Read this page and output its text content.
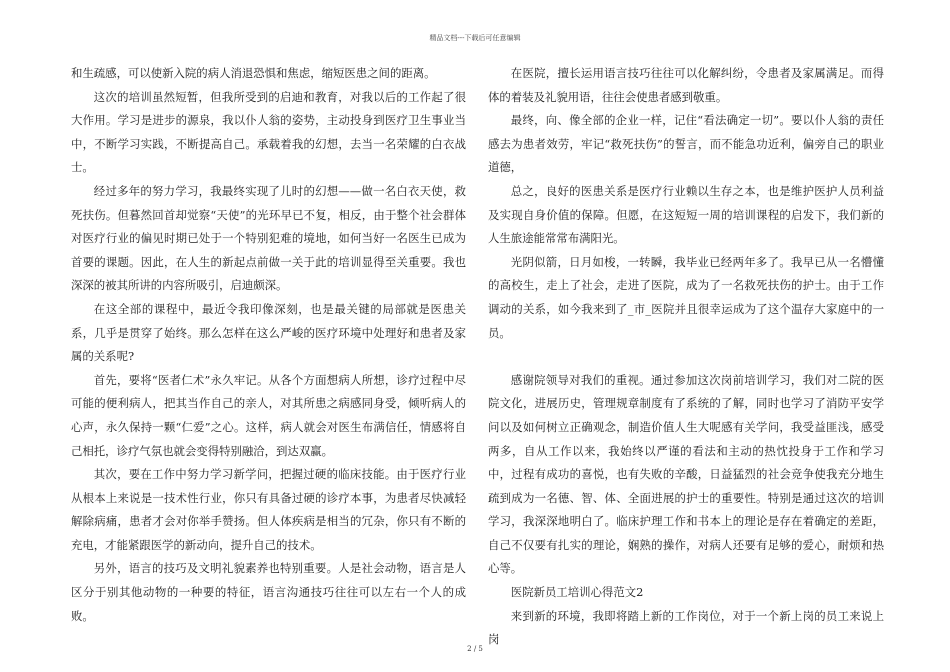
精品文档---下载后可任意编辑

和生疏感，可以使新入院的病人消退恐惧和焦虑，缩短医患之间的距离。

这次的培训虽然短暂，但我所受到的启迪和教育，对我以后的工作起了很大作用。学习是进步的源泉，我以仆人翁的姿势，主动投身到医疗卫生事业当中，不断学习实践，不断提高自己。承载着我的幻想，去当一名荣耀的白衣战士。

经过多年的努力学习，我最终实现了儿时的幻想——做一名白衣天使，救死扶伤。但暮然回首却觉察“天使”的光环早已不复，相反，由于整个社会群体对医疗行业的偏见时期已处于一个特别犯难的境地，如何当好一名医生已成为首要的课题。因此，在人生的新起点前做一关于此的培训显得至关重要。我也深深的被其所讲的内容所吸引，启迪颇深。

在这全部的课程中，最近令我印像深刻，也是最关键的局部就是医患关系，几乎是贯穿了始终。那么怎样在这么严峻的医疗环境中处理好和患者及家属的关系呢?

首先，要将“医者仁术”永久牢记。从各个方面想病人所想，诊疗过程中尽可能的便利病人，把其当作自己的亲人，对其所患之病感同身受，倾听病人的心声，永久保持一颗“仁爱”之心。这样，病人就会对医生布满信任，情感将自己相托，诊疗气氛也就会变得特别融洽，到达双赢。

其次，要在工作中努力学习新学问，把握过硬的临床技能。由于医疗行业从根本上来说是一技术性行业，你只有具备过硬的诊疗本事，为患者尽快减轻解除病痛，患者才会对你举手赞扬。但人体疾病是相当的冗杂，你只有不断的充电，才能紧跟医学的新动向，提升自己的技术。

另外，语言的技巧及文明礼貌素养也特别重要。人是社会动物，语言是人区分于别其他动物的一种要的特征，语言沟通技巧往往可以左右一个人的成败。

在医院，擅长运用语言技巧往往可以化解纠纷，令患者及家属满足。而得体的着装及礼貌用语，往往会使患者感到敬重。

最终，向、像全部的企业一样，记住“看法确定一切”。要以仆人翁的责任感去为患者效劳，牢记“救死扶伤”的誓言，而不能急功近利，偏旁自己的职业道德，

总之，良好的医患关系是医疗行业赖以生存之本，也是维护医护人员利益及实现自身价值的保障。但愿，在这短短一周的培训课程的启发下，我们新的人生旅途能常常布满阳光。

光阴似箭，日月如梭，一转瞬，我毕业已经两年多了。我早已从一名懵懂的高校生，走上了社会，走进了医院，成为了一名救死扶伤的护士。由于工作调动的关系，如今我来到了_市_医院并且很幸运成为了这个温存大家庭中的一员。

感谢院领导对我们的重视。通过参加这次岗前培训学习，我们对二院的医院文化，进展历史，管理规章制度有了系统的了解，同时也学习了消防平安学问以及如何树立正确观念，制造价值人生大呢感有关学问，我受益匪浅，感受两多，自从工作以来，我始终以严谨的看法和主动的热忱投身于工作和学习中，过程有成功的喜悦，也有失败的辛酸，日益猛烈的社会竞争使我充分地生疏到成为一名德、智、体、全面进展的护士的重要性。特别是通过这次的培训学习，我深深地明白了。临床护理工作和书本上的理论是存在着确定的差距，自己不仅要有扎实的理论，娴熟的操作，对病人还要有足够的爱心，耐烦和热心等。

医院新员工培训心得范文2

来到新的环境，我即将踏上新的工作岗位，对于一个新上岗的员工来说上岗

2 / 5
